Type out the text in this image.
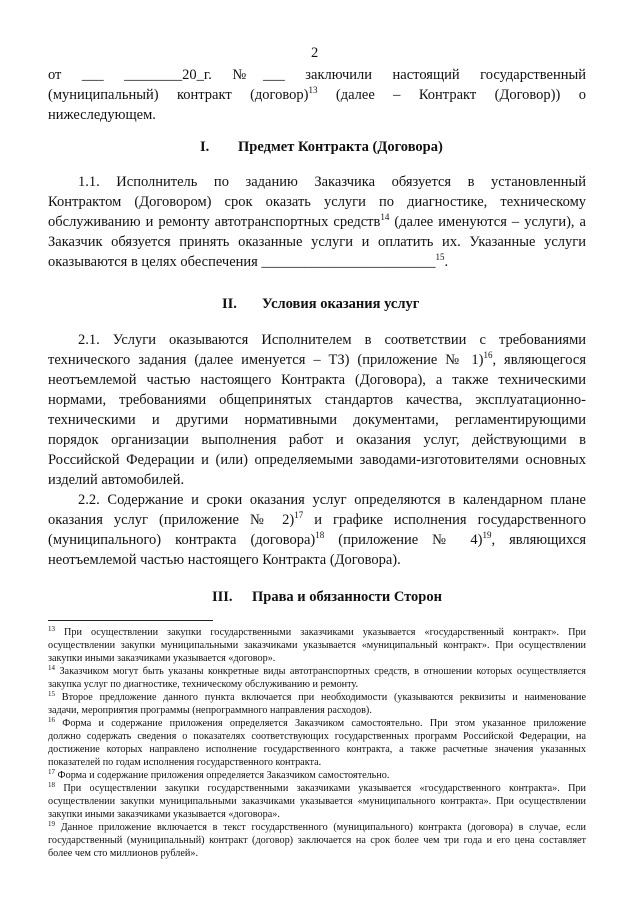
2
от ___ ________20_г. №___ заключили настоящий государственный
(муниципальный) контракт (договор)$^{13}$ (далее – Контракт (Договор)) о
нижеследующем.
I. Предмет Контракта (Договора)
1.1. Исполнитель по заданию Заказчика обязуется в установленный
Контрактом (Договором) срок оказать услуги по диагностике, техническому
обслуживанию и ремонту автотранспортных средств$^{14}$ (далее именуются – услуги), а
Заказчик обязуется принять оказанные услуги и оплатить их. Указанные услуги
оказываются в целях обеспечения ________________________$^{15}$.
II. Условия оказания услуг
2.1. Услуги оказываются Исполнителем в соответствии с требованиями
технического задания (далее именуется – ТЗ) (приложение № 1)$^{16}$, являющегося
неотъемлемой частью настоящего Контракта (Договора), а также техническими
нормами, требованиями общепринятых стандартов качества, эксплуатационно-
техническими и другими нормативными документами, регламентирующими
порядок организации выполнения работ и оказания услуг, действующими в
Российской Федерации и (или) определяемыми заводами-изготовителями основных
изделий автомобилей.
2.2. Содержание и сроки оказания услуг определяются в календарном плане
оказания услуг (приложение № 2)$^{17}$ и графике исполнения государственного
(муниципального) контракта (договора)$^{18}$ (приложение № 4)$^{19}$, являющихся
неотъемлемой частью настоящего Контракта (Договора).
III. Права и обязанности Сторон
$^{13}$ При осуществлении закупки государственными заказчиками указывается «государственный контракт». При
осуществлении закупки муниципальными заказчиками указывается «муниципальный контракт». При осуществлении
закупки иными заказчиками указывается «договор».
$^{14}$ Заказчиком могут быть указаны конкретные виды автотранспортных средств, в отношении которых осуществляется
закупка услуг по диагностике, техническому обслуживанию и ремонту.
$^{15}$ Второе предложение данного пункта включается при необходимости (указываются реквизиты и наименование
задачи, мероприятия программы (непрограммного направления расходов).
$^{16}$ Форма и содержание приложения определяется Заказчиком самостоятельно. При этом указанное приложение
должно содержать сведения о показателях соответствующих государственных программ Российской Федерации, на
достижение которых направлено исполнение государственного контракта, а также расчетные значения указанных
показателей по годам исполнения государственного контракта.
$^{17}$ Форма и содержание приложения определяется Заказчиком самостоятельно.
$^{18}$ При осуществлении закупки государственными заказчиками указывается «государственного контракта». При
осуществлении закупки муниципальными заказчиками указывается «муниципального контракта». При осуществлении
закупки иными заказчиками указывается «договора».
$^{19}$ Данное приложение включается в текст государственного (муниципального) контракта (договора) в случае, если
государственный (муниципальный) контракт (договор) заключается на срок более чем три года и его цена составляет
более чем сто миллионов рублей».
